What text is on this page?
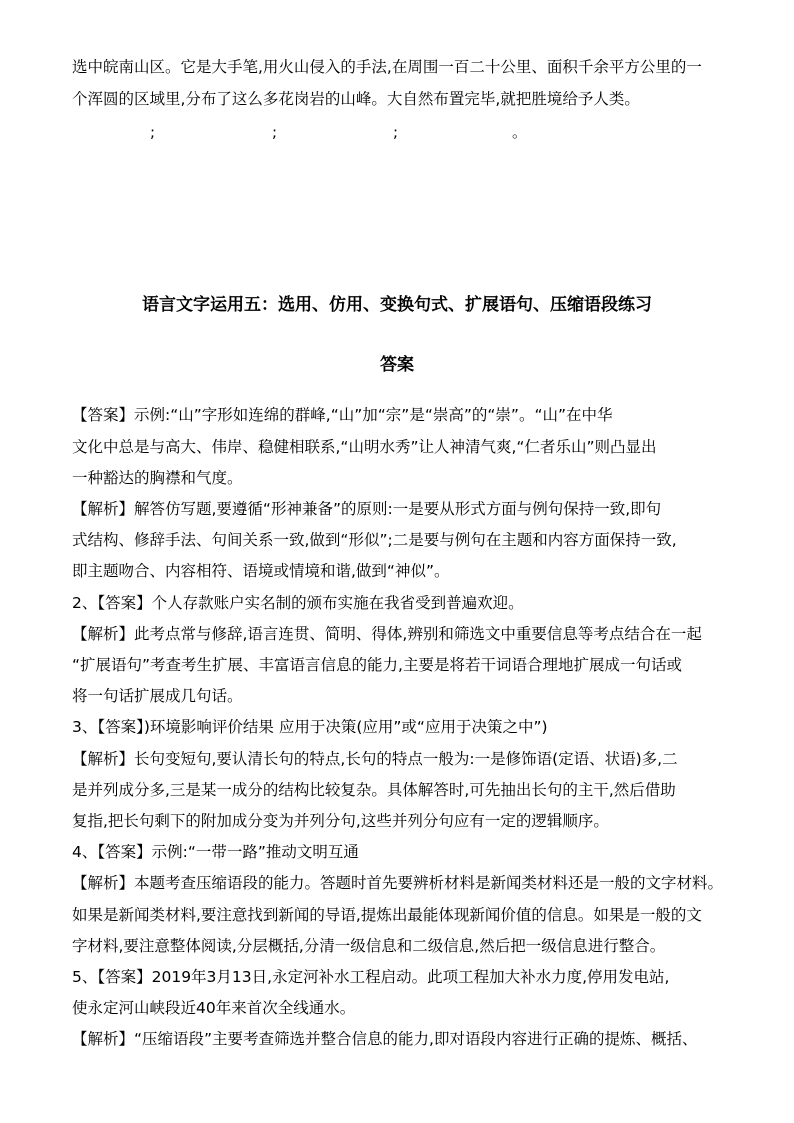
选中皖南山区。它是大手笔,用火山侵入的手法,在周围一百二十公里、面积千余平方公里的一
个浑圆的区域里,分布了这么多花岗岩的山峰。大自然布置完毕,就把胜境给予人类。
;	;	;	。
语言文字运用五：选用、仿用、变换句式、扩展语句、压缩语段练习
答案
【答案】示例:“山”字形如连绵的群峰,“山”加“宗”是“崇高”的“崇”。“山”在中华
文化中总是与高大、伟岸、稳健相联系,“山明水秀”让人神清气爽,“仁者乐山”则凸显出
一种豁达的胸襟和气度。
【解析】解答仿写题,要遵循“形神兼备”的原则:一是要从形式方面与例句保持一致,即句
式结构、修辞手法、句间关系一致,做到“形似”;二是要与例句在主题和内容方面保持一致,
即主题吻合、内容相符、语境或情境和谐,做到“神似”。
2、【答案】个人存款账户实名制的颁布实施在我省受到普遍欢迎。
【解析】此考点常与修辞,语言连贯、简明、得体,辨别和筛选文中重要信息等考点结合在一起
“扩展语句”考查考生扩展、丰富语言信息的能力,主要是将若干词语合理地扩展成一句话或
将一句话扩展成几句话。
3、【答案】)环境影响评价结果 应用于决策(应用”或“应用于决策之中”)
【解析】长句变短句,要认清长句的特点,长句的特点一般为:一是修饰语(定语、状语)多,二
是并列成分多,三是某一成分的结构比较复杂。具体解答时,可先抽出长句的主干,然后借助
复指,把长句剩下的附加成分变为并列分句,这些并列分句应有一定的逻辑顺序。
4、【答案】示例:“一带一路”推动文明互通
【解析】本题考查压缩语段的能力。答题时首先要辨析材料是新闻类材料还是一般的文字材料。
如果是新闻类材料,要注意找到新闻的导语,提炼出最能体现新闻价值的信息。如果是一般的文
字材料,要注意整体阅读,分层概括,分清一级信息和二级信息,然后把一级信息进行整合。
5、【答案】2019年3月13日,永定河补水工程启动。此项工程加大补水力度,停用发电站,
使永定河山峡段近40年来首次全线通水。
【解析】“压缩语段”主要考查筛选并整合信息的能力,即对语段内容进行正确的提炼、概括、
